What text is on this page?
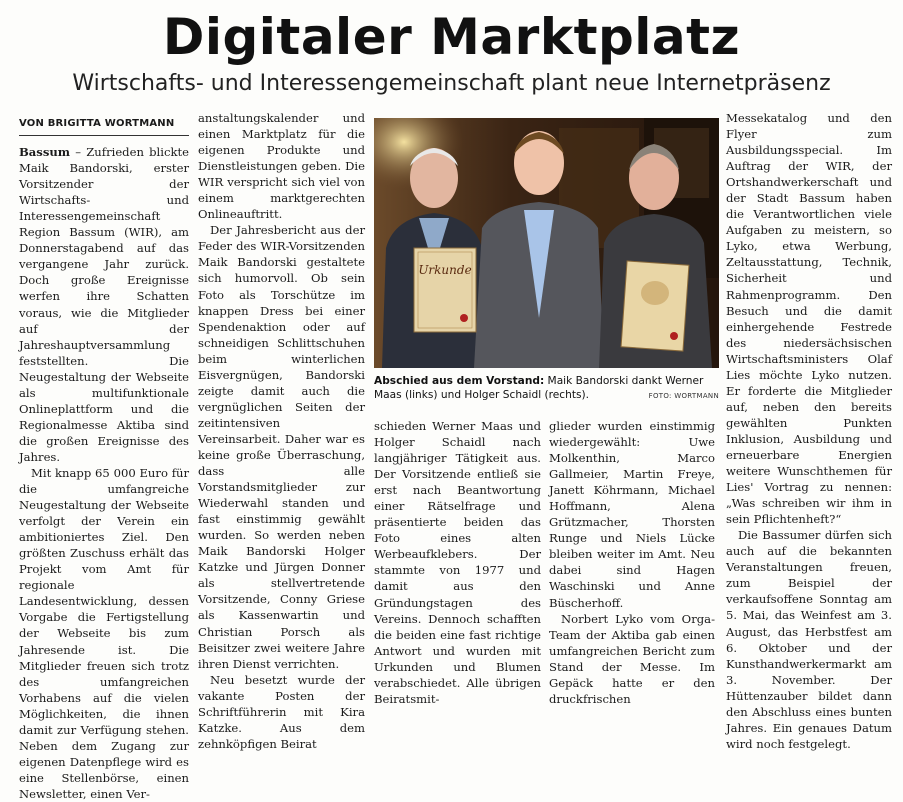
Digitaler Marktplatz
Wirtschafts- und Interessengemeinschaft plant neue Internetpräsenz
VON BRIGITTA WORTMANN

Bassum – Zufrieden blickte Maik Bandorski, erster Vorsitzender der Wirtschafts- und Interessengemeinschaft Region Bassum (WIR), am Donnerstagabend auf das vergangene Jahr zurück. Doch große Ereignisse werfen ihre Schatten voraus, wie die Mitglieder auf der Jahreshauptversammlung feststellten. Die Neugestaltung der Webseite als multifunktionale Onlineplattform und die Regionalmesse Aktiba sind die großen Ereignisse des Jahres.

Mit knapp 65 000 Euro für die umfangreiche Neugestaltung der Webseite verfolgt der Verein ein ambitioniertes Ziel. Den größten Zuschuss erhält das Projekt vom Amt für regionale Landesentwicklung, dessen Vorgabe die Fertigstellung der Webseite bis zum Jahresende ist. Die Mitglieder freuen sich trotz des umfangreichen Vorhabens auf die vielen Möglichkeiten, die ihnen damit zur Verfügung stehen. Neben dem Zugang zur eigenen Datenpflege wird es eine Stellenbörse, einen Newsletter, einen Ver-

anstaltungskalender und einen Marktplatz für die eigenen Produkte und Dienstleistungen geben. Die WIR verspricht sich viel von einem marktgerechten Onlineauftritt.

Der Jahresbericht aus der Feder des WIR-Vorsitzenden Maik Bandorski gestaltete sich humorvoll. Ob sein Foto als Torschütze im knappen Dress bei einer Spendenaktion oder auf schneidigen Schlittschuhen beim winterlichen Eisvergnügen, Bandorski zeigte damit auch die vergnüglichen Seiten der zeitintensiven Vereinsarbeit. Daher war es keine große Überraschung, dass alle Vorstandsmitglieder zur Wiederwahl standen und fast einstimmig gewählt wurden. So werden neben Maik Bandorski Holger Katzke und Jürgen Donner als stellvertretende Vorsitzende, Conny Griese als Kassenwartin und Christian Porsch als Beisitzer zwei weitere Jahre ihren Dienst verrichten.

Neu besetzt wurde der vakante Posten der Schriftführerin mit Kira Katzke. Aus dem zehnköpfigen Beirat

Urkunde
Abschied aus dem Vorstand: Maik Bandorski dankt Werner Maas (links) und Holger Schaidl (rechts).	FOTO: WORTMANN

schieden Werner Maas und Holger Schaidl nach langjähriger Tätigkeit aus. Der Vorsitzende entließ sie erst nach Beantwortung einer Rätselfrage und präsentierte beiden das Foto eines alten Werbeaufklebers. Der stammte von 1977 und damit aus den Gründungstagen des Vereins. Dennoch schafften die beiden eine fast richtige Antwort und wurden mit Urkunden und Blumen verabschiedet. Alle übrigen Beiratsmit-

glieder wurden einstimmig wiedergewählt: Uwe Molkenthin, Marco Gallmeier, Martin Freye, Janett Köhrmann, Michael Hoffmann, Alena Grützmacher, Thorsten Runge und Niels Lücke bleiben weiter im Amt. Neu dabei sind Hagen Waschinski und Anne Büscherhoff.

Norbert Lyko vom Orga-Team der Aktiba gab einen umfangreichen Bericht zum Stand der Messe. Im Gepäck hatte er den druckfrischen

Messekatalog und den Flyer zum Ausbildungsspecial. Im Auftrag der WIR, der Ortshandwerkerschaft und der Stadt Bassum haben die Verantwortlichen viele Aufgaben zu meistern, so Lyko, etwa Werbung, Zeltausstattung, Technik, Sicherheit und Rahmenprogramm. Den Besuch und die damit einhergehende Festrede des niedersächsischen Wirtschaftsministers Olaf Lies möchte Lyko nutzen. Er forderte die Mitglieder auf, neben den bereits gewählten Punkten Inklusion, Ausbildung und erneuerbare Energien weitere Wunschthemen für Lies' Vortrag zu nennen: „Was schreiben wir ihm in sein Pflichtenheft?“

Die Bassumer dürfen sich auch auf die bekannten Veranstaltungen freuen, zum Beispiel der verkaufsoffene Sonntag am 5. Mai, das Weinfest am 3. August, das Herbstfest am 6. Oktober und der Kunsthandwerkermarkt am 3. November. Der Hüttenzauber bildet dann den Abschluss eines bunten Jahres. Ein genaues Datum wird noch festgelegt.
